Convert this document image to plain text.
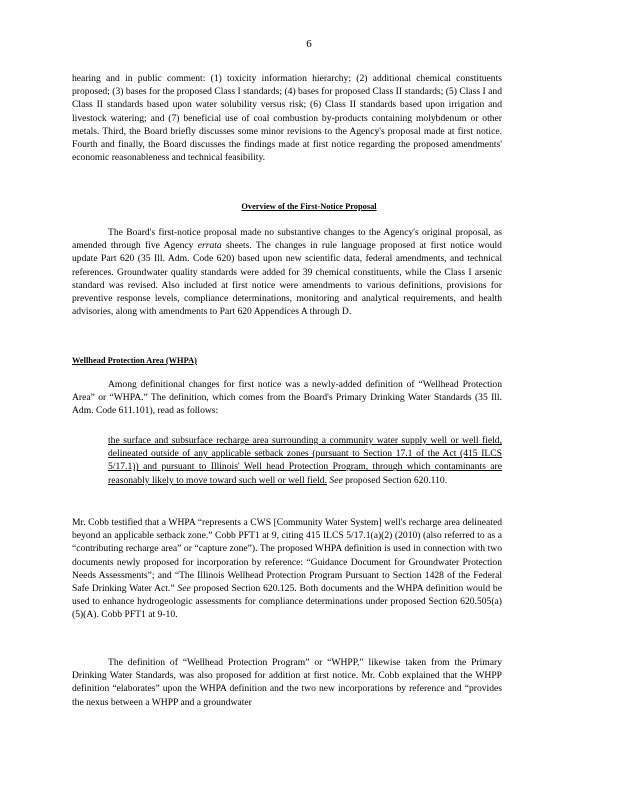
6
hearing and in public comment: (1) toxicity information hierarchy; (2) additional chemical constituents proposed; (3) bases for the proposed Class I standards; (4) bases for proposed Class II standards; (5) Class I and Class II standards based upon water solubility versus risk; (6) Class II standards based upon irrigation and livestock watering; and (7) beneficial use of coal combustion by-products containing molybdenum or other metals. Third, the Board briefly discusses some minor revisions to the Agency's proposal made at first notice. Fourth and finally, the Board discusses the findings made at first notice regarding the proposed amendments' economic reasonableness and technical feasibility.
Overview of the First-Notice Proposal
The Board's first-notice proposal made no substantive changes to the Agency's original proposal, as amended through five Agency errata sheets. The changes in rule language proposed at first notice would update Part 620 (35 Ill. Adm. Code 620) based upon new scientific data, federal amendments, and technical references. Groundwater quality standards were added for 39 chemical constituents, while the Class I arsenic standard was revised. Also included at first notice were amendments to various definitions, provisions for preventive response levels, compliance determinations, monitoring and analytical requirements, and health advisories, along with amendments to Part 620 Appendices A through D.
Wellhead Protection Area (WHPA)
Among definitional changes for first notice was a newly-added definition of “Wellhead Protection Area” or “WHPA.” The definition, which comes from the Board's Primary Drinking Water Standards (35 Ill. Adm. Code 611.101), read as follows:
the surface and subsurface recharge area surrounding a community water supply well or well field, delineated outside of any applicable setback zones (pursuant to Section 17.1 of the Act (415 ILCS 5/17.1)) and pursuant to Illinois' Well head Protection Program, through which contaminants are reasonably likely to move toward such well or well field. See proposed Section 620.110.
Mr. Cobb testified that a WHPA “represents a CWS [Community Water System] well's recharge area delineated beyond an applicable setback zone.” Cobb PFT1 at 9, citing 415 ILCS 5/17.1(a)(2) (2010) (also referred to as a “contributing recharge area” or “capture zone”). The proposed WHPA definition is used in connection with two documents newly proposed for incorporation by reference: “Guidance Document for Groundwater Protection Needs Assessments”; and “The Illinois Wellhead Protection Program Pursuant to Section 1428 of the Federal Safe Drinking Water Act.” See proposed Section 620.125. Both documents and the WHPA definition would be used to enhance hydrogeologic assessments for compliance determinations under proposed Section 620.505(a)(5)(A). Cobb PFT1 at 9-10.
The definition of “Wellhead Protection Program” or “WHPP,” likewise taken from the Primary Drinking Water Standards, was also proposed for addition at first notice. Mr. Cobb explained that the WHPP definition “elaborates” upon the WHPA definition and the two new incorporations by reference and “provides the nexus between a WHPP and a groundwater
